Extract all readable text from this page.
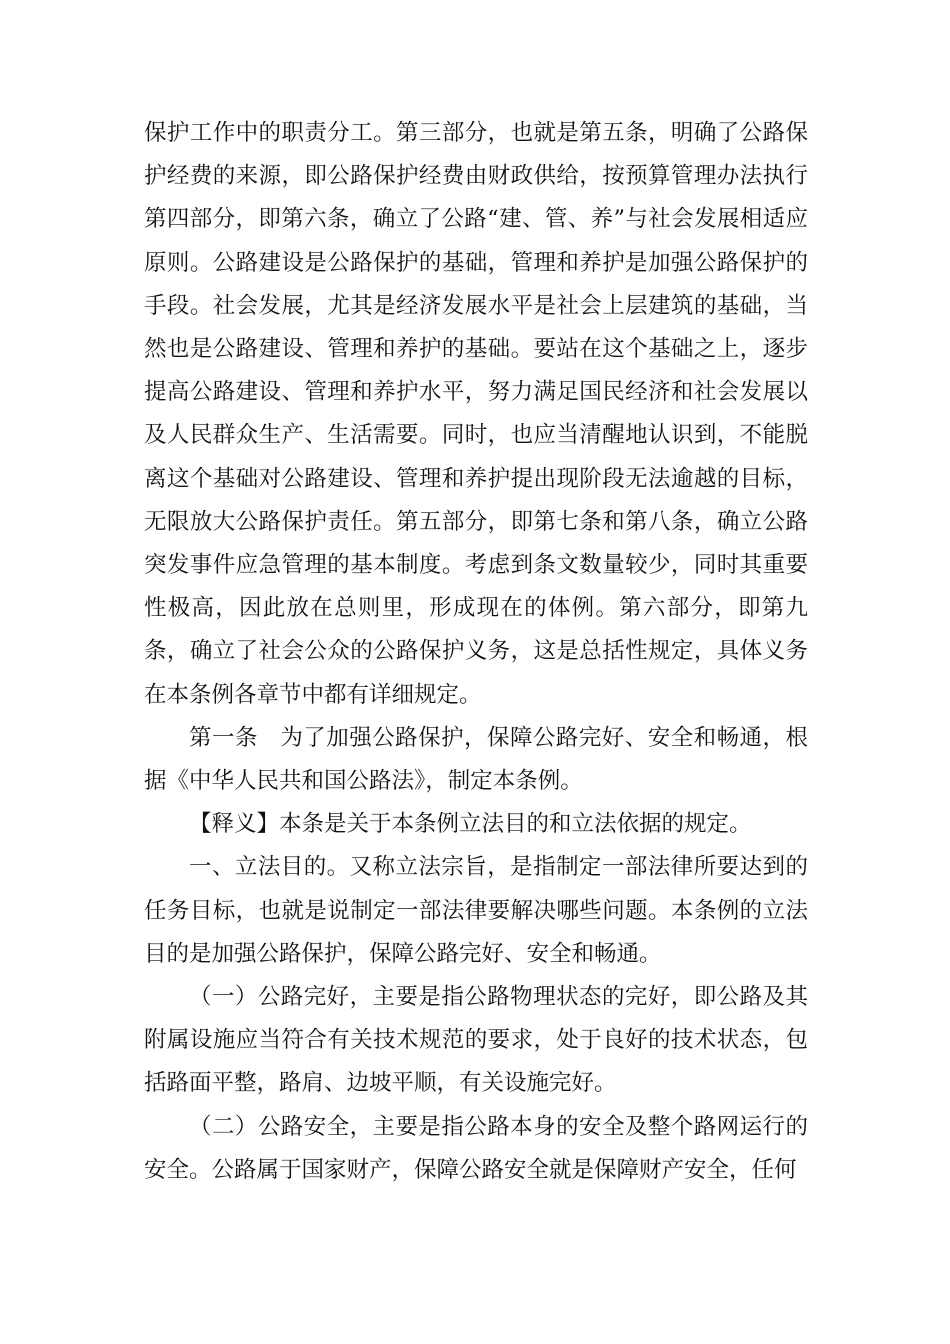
保护工作中的职责分工。第三部分，也就是第五条，明确了公路保护经费的来源，即公路保护经费由财政供给，按预算管理办法执行第四部分，即第六条，确立了公路“建、管、养”与社会发展相适应原则。公路建设是公路保护的基础，管理和养护是加强公路保护的手段。社会发展，尤其是经济发展水平是社会上层建筑的基础，当然也是公路建设、管理和养护的基础。要站在这个基础之上，逐步提高公路建设、管理和养护水平，努力满足国民经济和社会发展以及人民群众生产、生活需要。同时，也应当清醒地认识到，不能脱离这个基础对公路建设、管理和养护提出现阶段无法逾越的目标，无限放大公路保护责任。第五部分，即第七条和第八条，确立公路突发事件应急管理的基本制度。考虑到条文数量较少，同时其重要性极高，因此放在总则里，形成现在的体例。第六部分，即第九条，确立了社会公众的公路保护义务，这是总括性规定，具体义务在本条例各章节中都有详细规定。

第一条 为了加强公路保护，保障公路完好、安全和畅通，根据《中华人民共和国公路法》，制定本条例。

【释义】本条是关于本条例立法目的和立法依据的规定。

一、立法目的。又称立法宗旨，是指制定一部法律所要达到的任务目标，也就是说制定一部法律要解决哪些问题。本条例的立法目的是加强公路保护，保障公路完好、安全和畅通。

（一）公路完好，主要是指公路物理状态的完好，即公路及其附属设施应当符合有关技术规范的要求，处于良好的技术状态，包括路面平整，路肩、边坡平顺，有关设施完好。

（二）公路安全，主要是指公路本身的安全及整个路网运行的安全。公路属于国家财产，保障公路安全就是保障财产安全，任何
